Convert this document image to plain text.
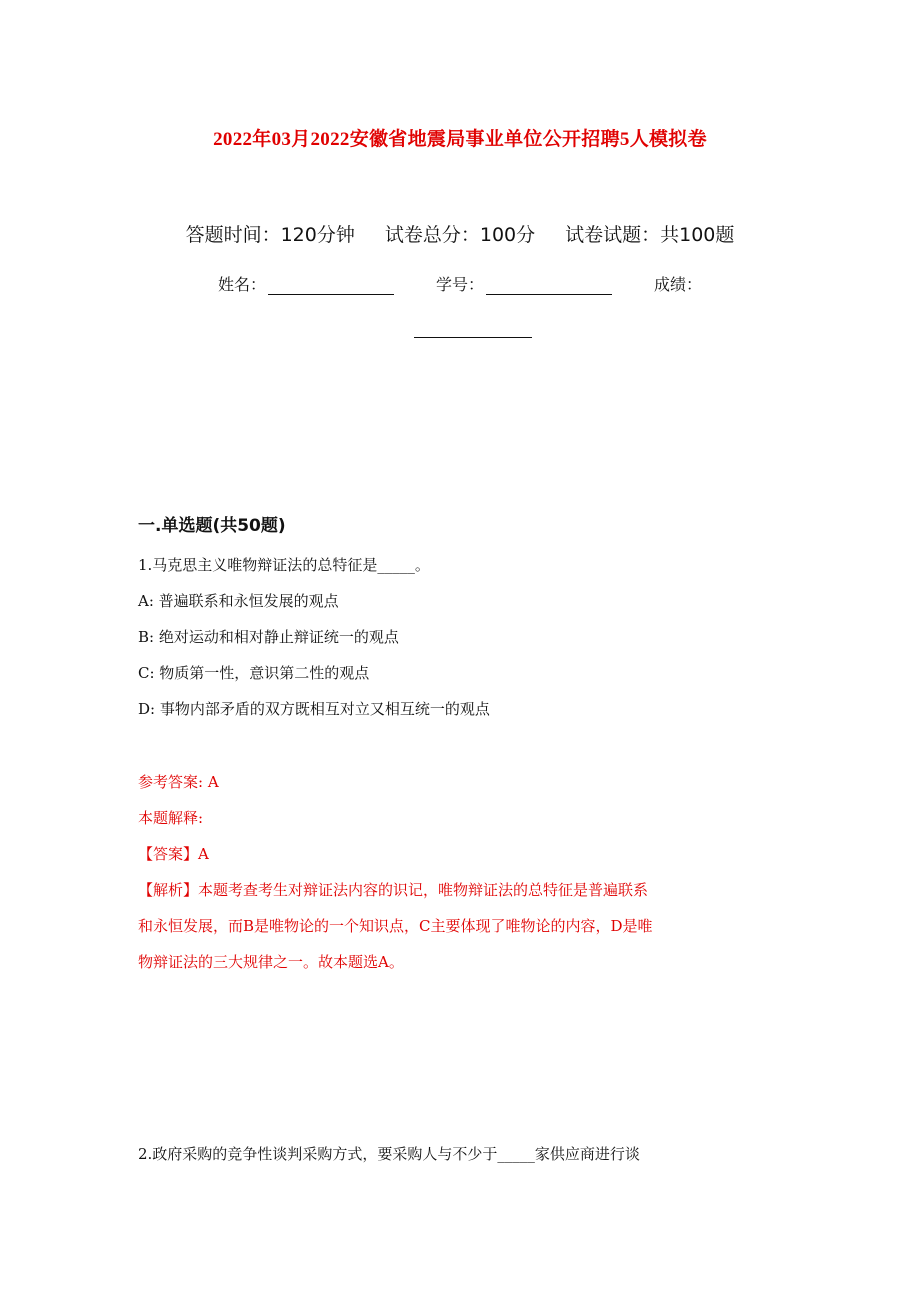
2022年03月2022安徽省地震局事业单位公开招聘5人模拟卷
答题时间：120分钟 试卷总分：100分 试卷试题：共100题
姓名：	学号：	成绩：
一.单选题(共50题)
1.马克思主义唯物辩证法的总特征是_____。
A: 普遍联系和永恒发展的观点
B: 绝对运动和相对静止辩证统一的观点
C: 物质第一性，意识第二性的观点
D: 事物内部矛盾的双方既相互对立又相互统一的观点
参考答案: A
本题解释:
【答案】A
【解析】本题考查考生对辩证法内容的识记，唯物辩证法的总特征是普遍联系
和永恒发展，而B是唯物论的一个知识点，C主要体现了唯物论的内容，D是唯
物辩证法的三大规律之一。故本题选A。
2.政府采购的竞争性谈判采购方式，要采购人与不少于_____家供应商进行谈
